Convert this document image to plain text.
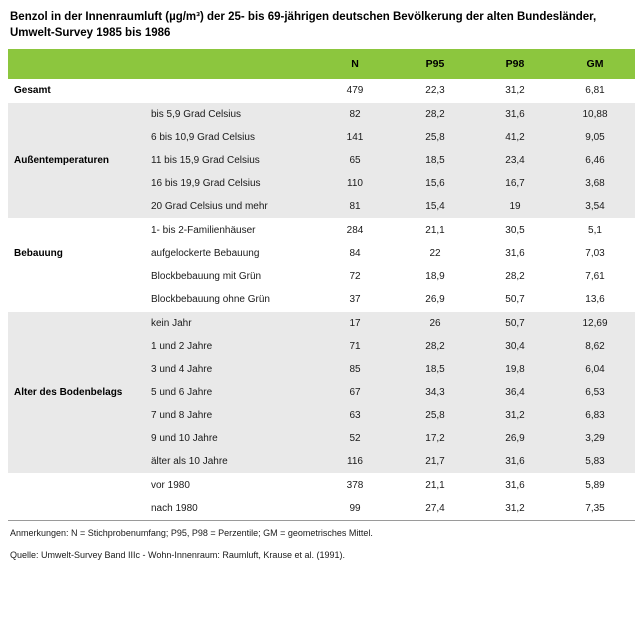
Benzol in der Innenraumluft (µg/m³) der 25- bis 69-jährigen deutschen Bevölkerung der alten Bundesländer, Umwelt-Survey 1985 bis 1986
		N	P95	P98	GM
Gesamt		479	22,3	31,2	6,81
	bis 5,9 Grad Celsius	82	28,2	31,6	10,88
	6 bis 10,9 Grad Celsius	141	25,8	41,2	9,05
Außentemperaturen	11 bis 15,9 Grad Celsius	65	18,5	23,4	6,46
	16 bis 19,9 Grad Celsius	110	15,6	16,7	3,68
	20 Grad Celsius und mehr	81	15,4	19	3,54
	1- bis 2-Familienhäuser	284	21,1	30,5	5,1
Bebauung	aufgelockerte Bebauung	84	22	31,6	7,03
	Blockbebauung mit Grün	72	18,9	28,2	7,61
	Blockbebauung ohne Grün	37	26,9	50,7	13,6
	kein Jahr	17	26	50,7	12,69
	1 und 2 Jahre	71	28,2	30,4	8,62
	3 und 4 Jahre	85	18,5	19,8	6,04
Alter des Bodenbelags	5 und 6 Jahre	67	34,3	36,4	6,53
	7 und 8 Jahre	63	25,8	31,2	6,83
	9 und 10 Jahre	52	17,2	26,9	3,29
	älter als 10 Jahre	116	21,7	31,6	5,83
	vor 1980	378	21,1	31,6	5,89
	nach 1980	99	27,4	31,2	7,35
Anmerkungen: N = Stichprobenumfang; P95, P98 = Perzentile; GM = geometrisches Mittel.
Quelle: Umwelt-Survey Band IIIc - Wohn-Innenraum: Raumluft, Krause et al. (1991).
